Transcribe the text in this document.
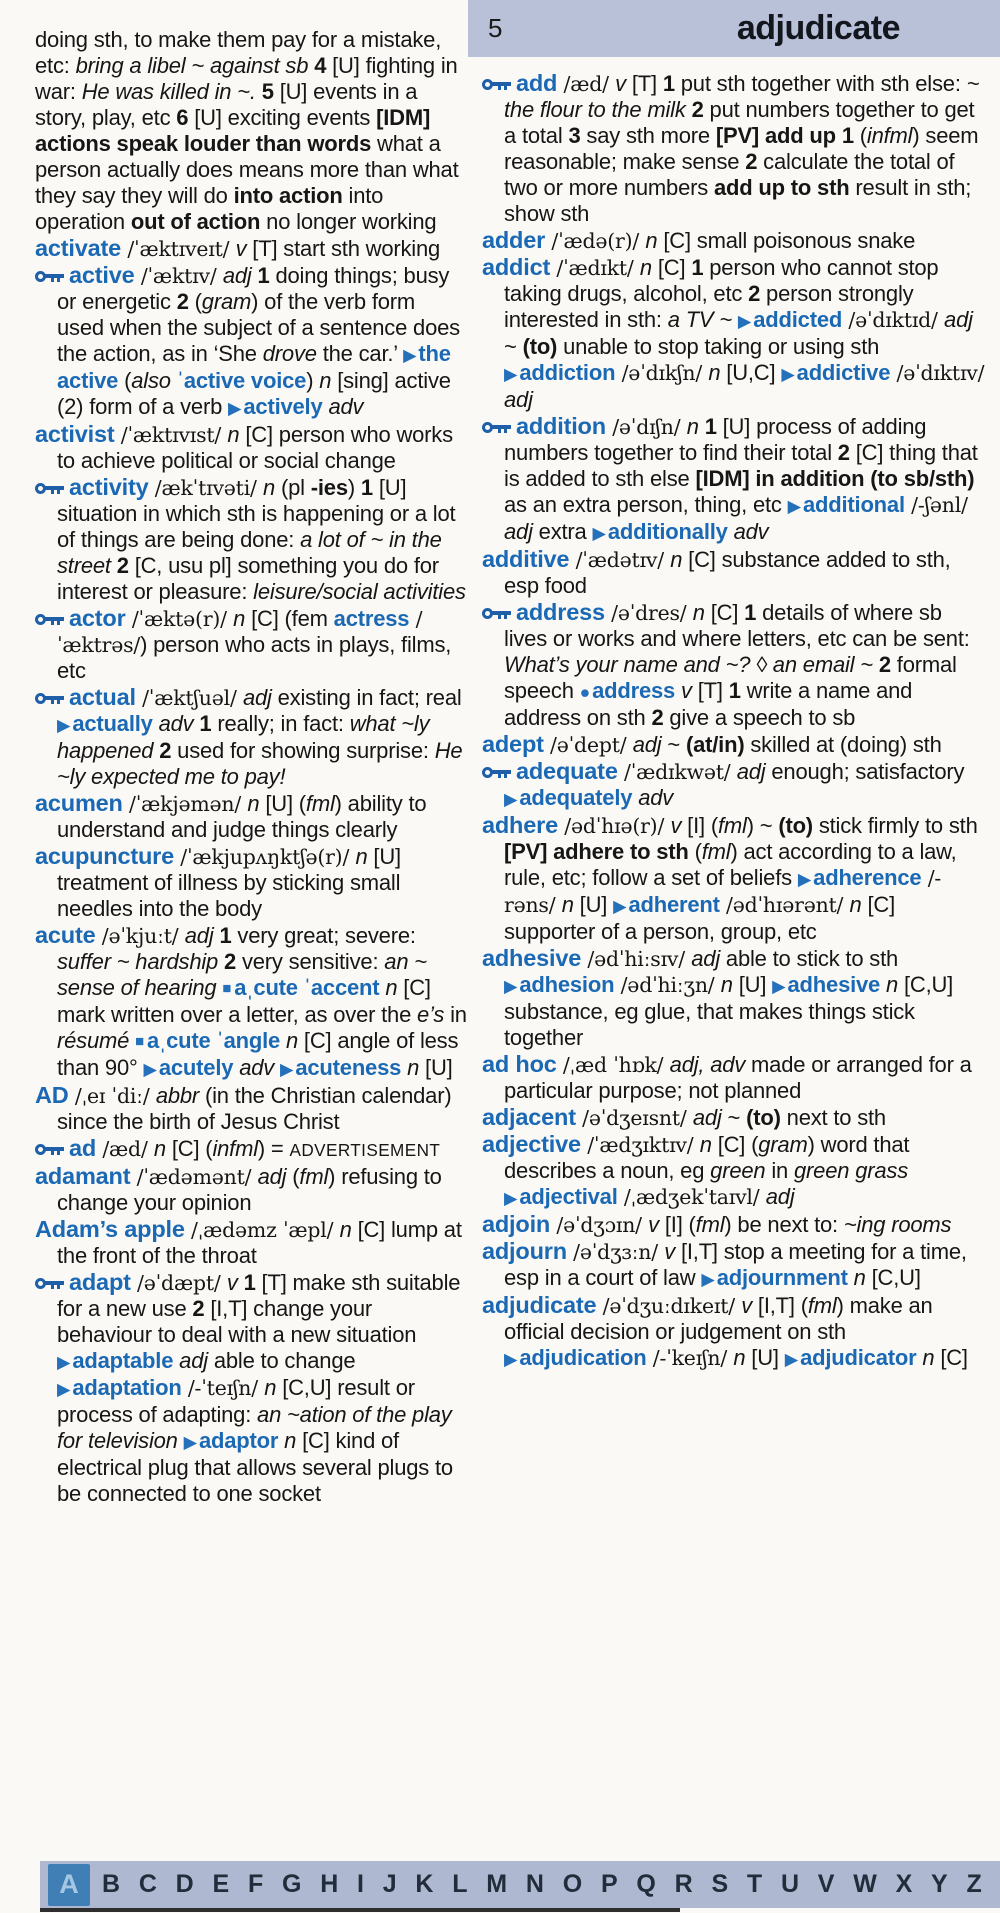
5	adjudicate
doing sth, to make them pay for a mistake, etc: bring a libel ~ against sb 4 [U] fighting in war: He was killed in ~. 5 [U] events in a story, play, etc 6 [U] exciting events [IDM] actions speak louder than words what a person actually does means more than what they say they will do into action into operation out of action no longer working
activate /ˈæktɪveɪt/ v [T] start sth working
active /ˈæktɪv/ adj 1 doing things; busy or energetic 2 (gram) of the verb form used when the subject of a sentence does the action, as in ‘She drove the car.’ ▶the active (also ˈactive voice) n [sing] active (2) form of a verb ▶actively adv
activist /ˈæktɪvɪst/ n [C] person who works to achieve political or social change
activity /ækˈtɪvəti/ n (pl -ies) 1 [U] situation in which sth is happening or a lot of things are being done: a lot of ~ in the street 2 [C, usu pl] something you do for interest or pleasure: leisure/social activities
actor /ˈæktə(r)/ n [C] (fem actress /ˈæktrəs/) person who acts in plays, films, etc
actual /ˈæktʃuəl/ adj existing in fact; real ▶actually adv 1 really; in fact: what ~ly happened 2 used for showing surprise: He ~ly expected me to pay!
acumen /ˈækjəmən/ n [U] (fml) ability to understand and judge things clearly
acupuncture /ˈækjupʌŋktʃə(r)/ n [U] treatment of illness by sticking small needles into the body
acute /əˈkjuːt/ adj 1 very great; severe: suffer ~ hardship 2 very sensitive: an ~ sense of hearing ■ aˌcute ˈaccent n [C] mark written over a letter, as over the e’s in résumé ■ aˌcute ˈangle n [C] angle of less than 90° ▶acutely adv ▶acuteness n [U]
AD /ˌeɪ ˈdiː/ abbr (in the Christian calendar) since the birth of Jesus Christ
ad /æd/ n [C] (infml) = ADVERTISEMENT
adamant /ˈædəmənt/ adj (fml) refusing to change your opinion
Adam’s apple /ˌædəmz ˈæpl/ n [C] lump at the front of the throat
adapt /əˈdæpt/ v 1 [T] make sth suitable for a new use 2 [I,T] change your behaviour to deal with a new situation ▶adaptable adj able to change ▶adaptation /-ˈteɪʃn/ n [C,U] result or process of adapting: an ~ation of the play for television ▶adaptor n [C] kind of electrical plug that allows several plugs to be connected to one socket
add /æd/ v [T] 1 put sth together with sth else: ~ the flour to the milk 2 put numbers together to get a total 3 say sth more [PV] add up 1 (infml) seem reasonable; make sense 2 calculate the total of two or more numbers add up to sth result in sth; show sth
adder /ˈædə(r)/ n [C] small poisonous snake
addict /ˈædɪkt/ n [C] 1 person who cannot stop taking drugs, alcohol, etc 2 person strongly interested in sth: a TV ~ ▶addicted /əˈdɪktɪd/ adj ~ (to) unable to stop taking or using sth ▶addiction /əˈdɪkʃn/ n [U,C] ▶addictive /əˈdɪktɪv/ adj
addition /əˈdɪʃn/ n 1 [U] process of adding numbers together to find their total 2 [C] thing that is added to sth else [IDM] in addition (to sb/sth) as an extra person, thing, etc ▶additional /-ʃənl/ adj extra ▶additionally adv
additive /ˈædətɪv/ n [C] substance added to sth, esp food
address /əˈdres/ n [C] 1 details of where sb lives or works and where letters, etc can be sent: What’s your name and ~? ◊ an email ~ 2 formal speech ●address v [T] 1 write a name and address on sth 2 give a speech to sb
adept /əˈdept/ adj ~ (at/in) skilled at (doing) sth
adequate /ˈædɪkwət/ adj enough; satisfactory ▶adequately adv
adhere /ədˈhɪə(r)/ v [I] (fml) ~ (to) stick firmly to sth [PV] adhere to sth (fml) act according to a law, rule, etc; follow a set of beliefs ▶adherence /-rəns/ n [U] ▶adherent /ədˈhɪərənt/ n [C] supporter of a person, group, etc
adhesive /ədˈhiːsɪv/ adj able to stick to sth ▶adhesion /ədˈhiːʒn/ n [U] ▶adhesive n [C,U] substance, eg glue, that makes things stick together
ad hoc /ˌæd ˈhɒk/ adj, adv made or arranged for a particular purpose; not planned
adjacent /əˈdʒeɪsnt/ adj ~ (to) next to sth
adjective /ˈædʒɪktɪv/ n [C] (gram) word that describes a noun, eg green in green grass ▶adjectival /ˌædʒekˈtaɪvl/ adj
adjoin /əˈdʒɔɪn/ v [I] (fml) be next to: ~ing rooms
adjourn /əˈdʒɜːn/ v [I,T] stop a meeting for a time, esp in a court of law ▶adjournment n [C,U]
adjudicate /əˈdʒuːdɪkeɪt/ v [I,T] (fml) make an official decision or judgement on sth ▶adjudication /-ˈkeɪʃn/ n [U] ▶adjudicator n [C]
A B C D E F G H I J K L M N O P Q R S T U V W X Y Z
